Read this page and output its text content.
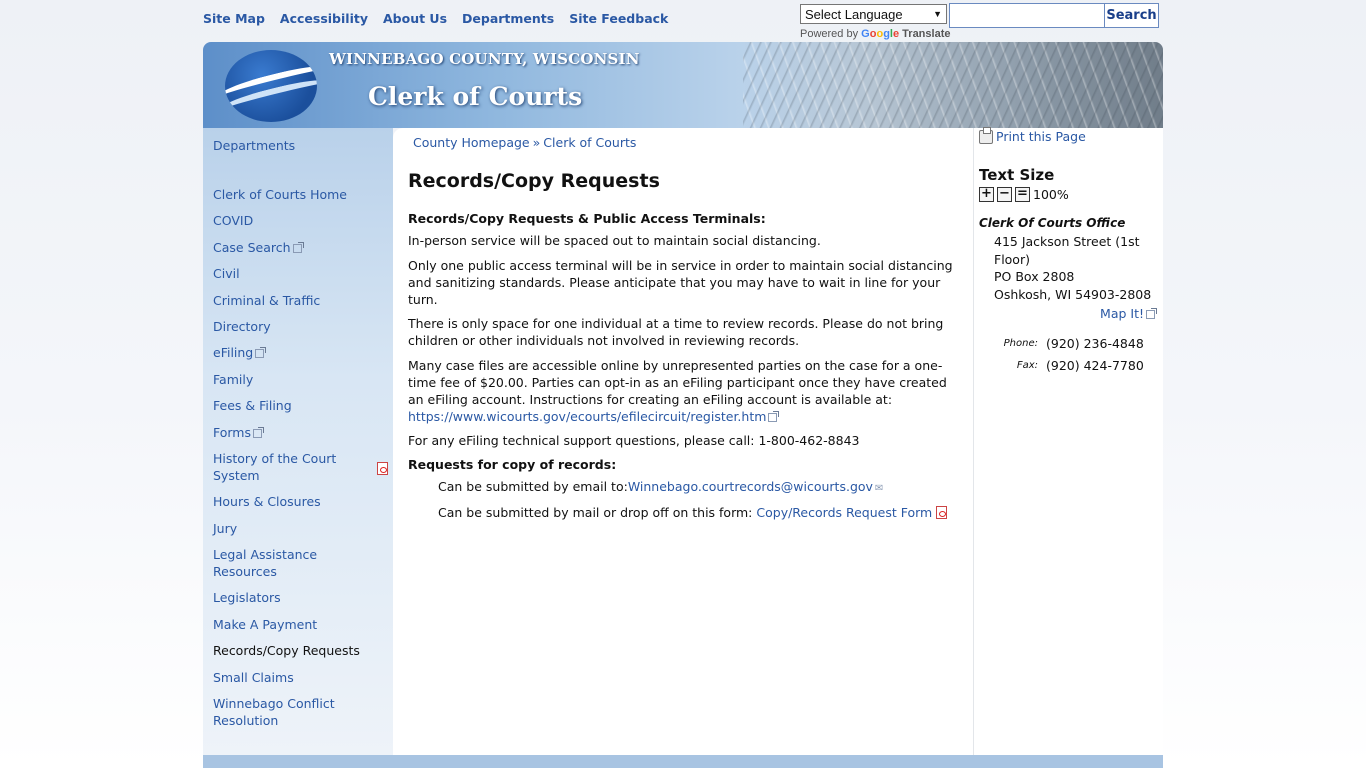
Site Map Accessibility About Us Departments Site Feedback	Select Language	▼
Powered by Google Translate
Search
WINNEBAGO COUNTY, WISCONSIN
Clerk of Courts
Departments
Clerk of Courts Home
COVID
Case Search
Civil
Criminal & Traffic
Directory
eFiling
Family
Fees & Filing
Forms
History of the Court System
Hours & Closures
Jury
Legal Assistance Resources
Legislators
Make A Payment
Records/Copy Requests
Small Claims
Winnebago Conflict Resolution
County Homepage » Clerk of Courts
Records/Copy Requests
Records/Copy Requests & Public Access Terminals:

In-person service will be spaced out to maintain social distancing.

Only one public access terminal will be in service in order to maintain social distancing and sanitizing standards. Please anticipate that you may have to wait in line for your turn.

There is only space for one individual at a time to review records. Please do not bring children or other individuals not involved in reviewing records.

Many case files are accessible online by unrepresented parties on the case for a one-time fee of $20.00. Parties can opt-in as an eFiling participant once they have created an eFiling account. Instructions for creating an eFiling account is available at:
https://www.wicourts.gov/ecourts/efilecircuit/register.htm

For any eFiling technical support questions, please call: 1-800-462-8843

Requests for copy of records:

Can be submitted by email to:Winnebago.courtrecords@wicourts.gov ✉

Can be submitted by mail or drop off on this form: Copy/Records Request Form

Print this Page
Text Size
+ − = 100%
Clerk Of Courts Office
415 Jackson Street (1st Floor)
PO Box 2808
Oshkosh, WI 54903-2808
Map It!
Phone: (920) 236-4848
Fax: (920) 424-7780
